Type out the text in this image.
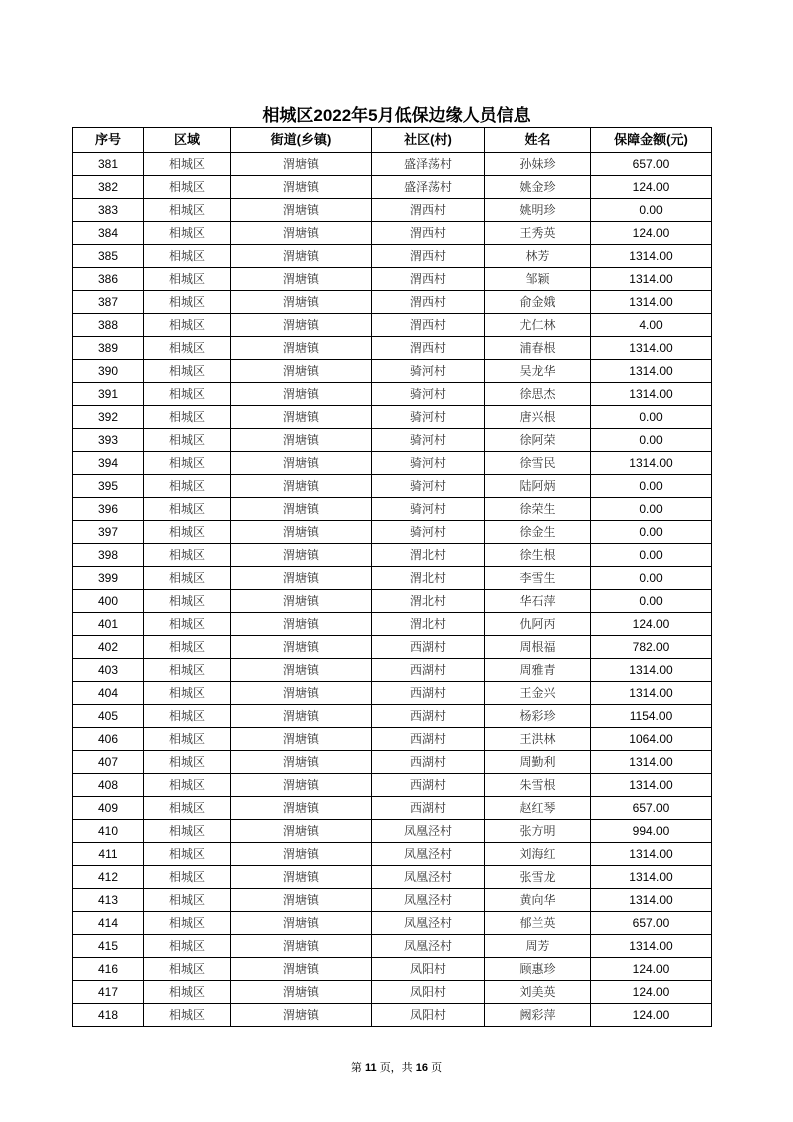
相城区2022年5月低保边缘人员信息
序号	区域	街道(乡镇)	社区(村)	姓名	保障金额(元)
381	相城区	渭塘镇	盛泽荡村	孙妹珍	657.00
382	相城区	渭塘镇	盛泽荡村	姚金珍	124.00
383	相城区	渭塘镇	渭西村	姚明珍	0.00
384	相城区	渭塘镇	渭西村	王秀英	124.00
385	相城区	渭塘镇	渭西村	林芳	1314.00
386	相城区	渭塘镇	渭西村	邹颖	1314.00
387	相城区	渭塘镇	渭西村	俞金娥	1314.00
388	相城区	渭塘镇	渭西村	尤仁林	4.00
389	相城区	渭塘镇	渭西村	浦春根	1314.00
390	相城区	渭塘镇	骑河村	吴龙华	1314.00
391	相城区	渭塘镇	骑河村	徐思杰	1314.00
392	相城区	渭塘镇	骑河村	唐兴根	0.00
393	相城区	渭塘镇	骑河村	徐阿荣	0.00
394	相城区	渭塘镇	骑河村	徐雪民	1314.00
395	相城区	渭塘镇	骑河村	陆阿炳	0.00
396	相城区	渭塘镇	骑河村	徐荣生	0.00
397	相城区	渭塘镇	骑河村	徐金生	0.00
398	相城区	渭塘镇	渭北村	徐生根	0.00
399	相城区	渭塘镇	渭北村	李雪生	0.00
400	相城区	渭塘镇	渭北村	华石萍	0.00
401	相城区	渭塘镇	渭北村	仇阿丙	124.00
402	相城区	渭塘镇	西湖村	周根福	782.00
403	相城区	渭塘镇	西湖村	周雅青	1314.00
404	相城区	渭塘镇	西湖村	王金兴	1314.00
405	相城区	渭塘镇	西湖村	杨彩珍	1154.00
406	相城区	渭塘镇	西湖村	王洪林	1064.00
407	相城区	渭塘镇	西湖村	周勤利	1314.00
408	相城区	渭塘镇	西湖村	朱雪根	1314.00
409	相城区	渭塘镇	西湖村	赵红琴	657.00
410	相城区	渭塘镇	凤凰泾村	张方明	994.00
411	相城区	渭塘镇	凤凰泾村	刘海红	1314.00
412	相城区	渭塘镇	凤凰泾村	张雪龙	1314.00
413	相城区	渭塘镇	凤凰泾村	黄向华	1314.00
414	相城区	渭塘镇	凤凰泾村	郁兰英	657.00
415	相城区	渭塘镇	凤凰泾村	周芳	1314.00
416	相城区	渭塘镇	凤阳村	顾惠珍	124.00
417	相城区	渭塘镇	凤阳村	刘美英	124.00
418	相城区	渭塘镇	凤阳村	阙彩萍	124.00
第 11 页，共 16 页
